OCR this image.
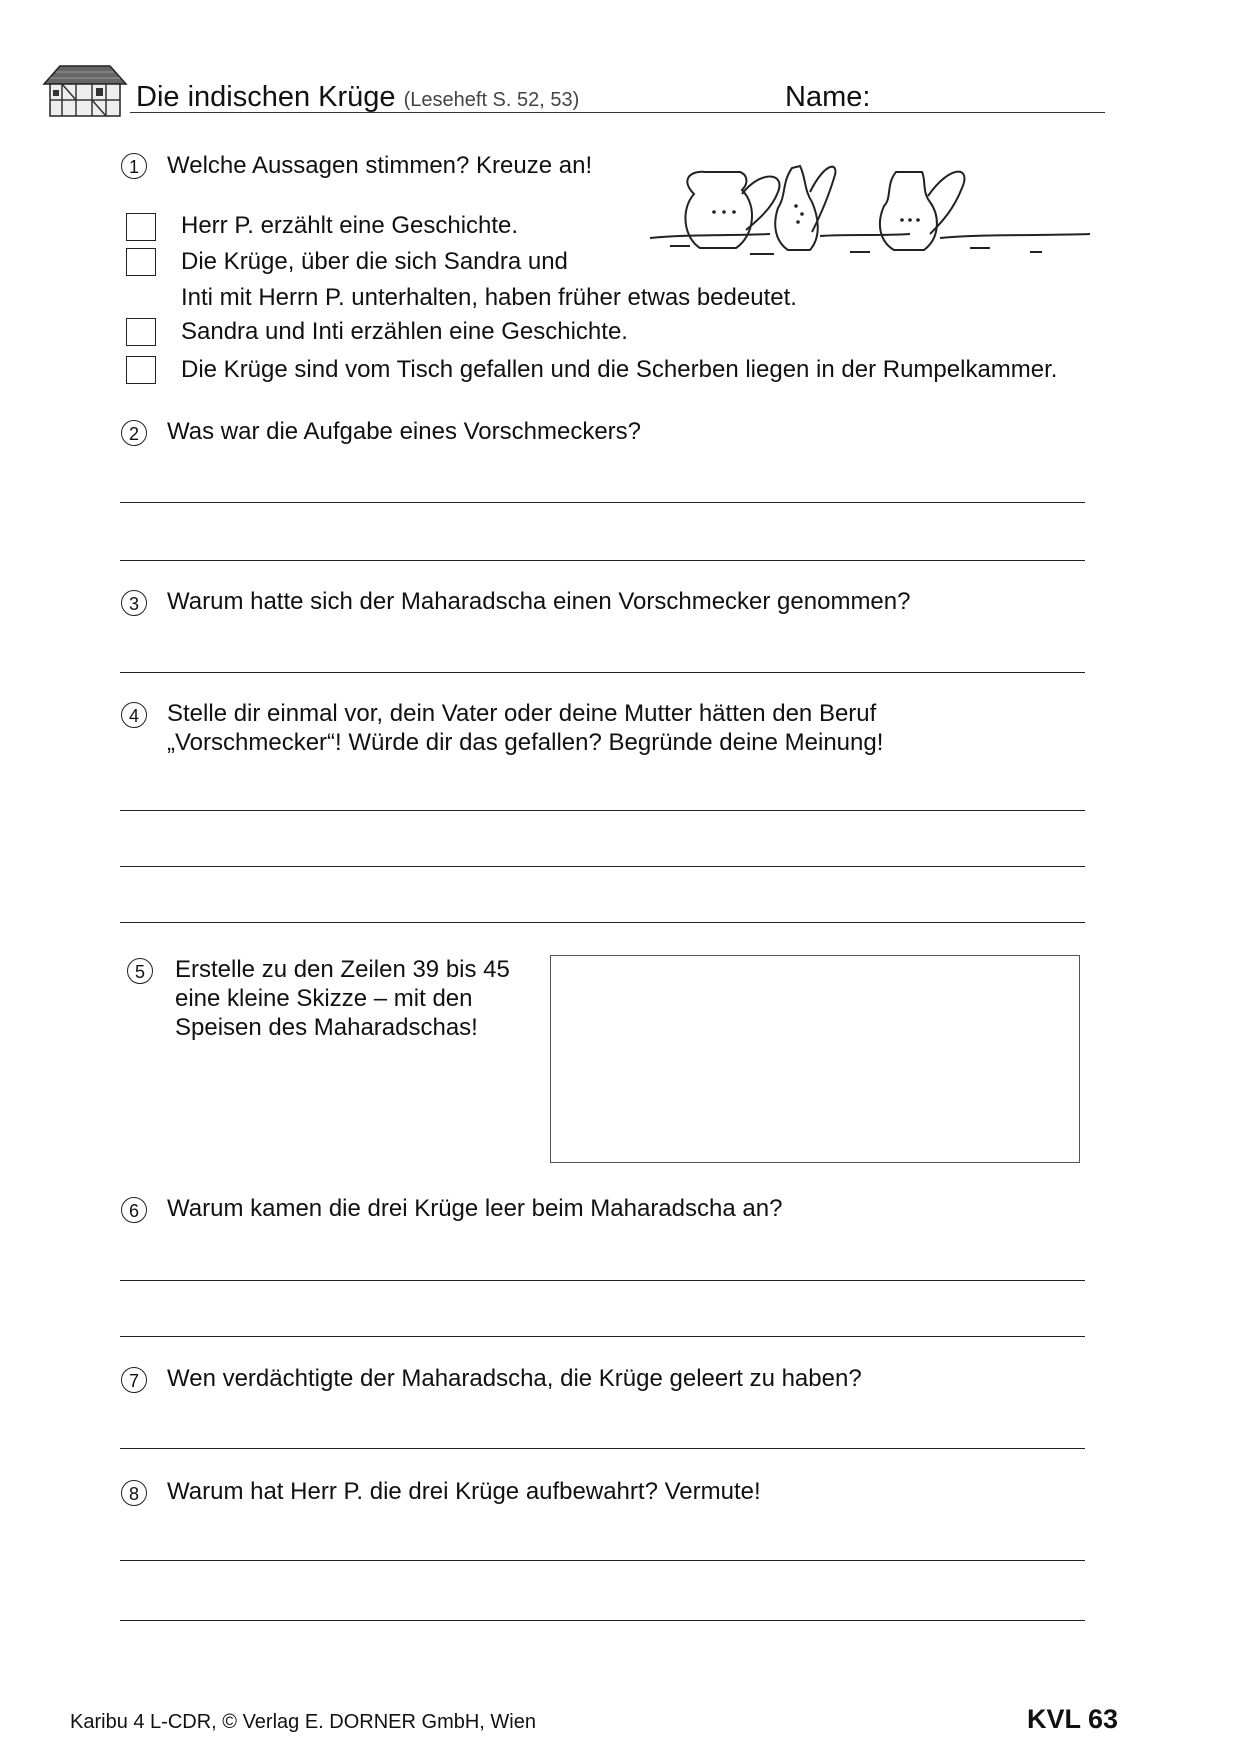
Die indischen Krüge (Leseheft S. 52, 53)	Name:
1	Welche Aussagen stimmen? Kreuze an!
Herr P. erzählt eine Geschichte.
Die Krüge, über die sich Sandra und
Inti mit Herrn P. unterhalten, haben früher etwas bedeutet.
Sandra und Inti erzählen eine Geschichte.
Die Krüge sind vom Tisch gefallen und die Scherben liegen in der Rumpelkammer.
2	Was war die Aufgabe eines Vorschmeckers?
3	Warum hatte sich der Maharadscha einen Vorschmecker genommen?
4	Stelle dir einmal vor, dein Vater oder deine Mutter hätten den Beruf
„Vorschmecker“! Würde dir das gefallen? Begründe deine Meinung!
5	Erstelle zu den Zeilen 39 bis 45
eine kleine Skizze – mit den
Speisen des Maharadschas!
6	Warum kamen die drei Krüge leer beim Maharadscha an?
7	Wen verdächtigte der Maharadscha, die Krüge geleert zu haben?
8	Warum hat Herr P. die drei Krüge aufbewahrt? Vermute!
Karibu 4 L-CDR, © Verlag E. DORNER GmbH, Wien	KVL 63
